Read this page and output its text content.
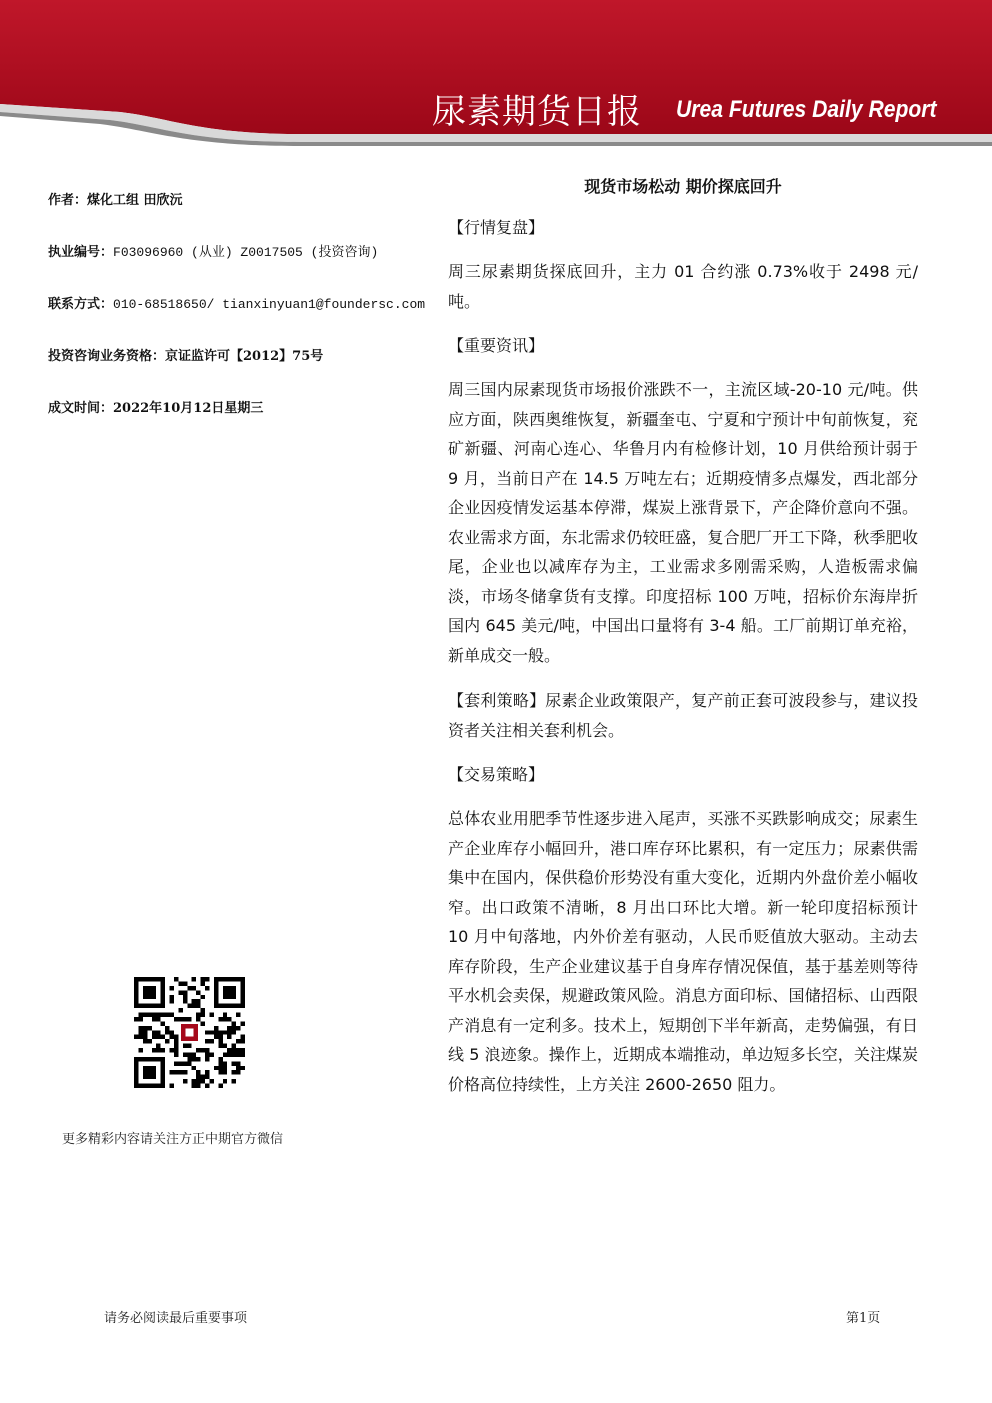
尿素期货日报 Urea Futures Daily Report
作者：煤化工组 田欣沅
执业编号：F03096960 (从业) Z0017505 (投资咨询)
联系方式：010-68518650/ tianxinyuan1@foundersc.com
投资咨询业务资格：京证监许可【2012】75号
成文时间：2022年10月12日星期三
更多精彩内容请关注方正中期官方微信
现货市场松动 期价探底回升
【行情复盘】

周三尿素期货探底回升，主力 01 合约涨 0.73%收于 2498 元/吨。

【重要资讯】

周三国内尿素现货市场报价涨跌不一，主流区域-20-10 元/吨。供应方面，陕西奥维恢复，新疆奎屯、宁夏和宁预计中旬前恢复，兖矿新疆、河南心连心、华鲁月内有检修计划，10 月供给预计弱于 9 月，当前日产在 14.5 万吨左右；近期疫情多点爆发，西北部分企业因疫情发运基本停滞，煤炭上涨背景下，产企降价意向不强。农业需求方面，东北需求仍较旺盛，复合肥厂开工下降，秋季肥收尾，企业也以减库存为主，工业需求多刚需采购，人造板需求偏淡，市场冬储拿货有支撑。印度招标 100 万吨，招标价东海岸折国内 645 美元/吨，中国出口量将有 3-4 船。工厂前期订单充裕，新单成交一般。

【套利策略】尿素企业政策限产，复产前正套可波段参与，建议投资者关注相关套利机会。

【交易策略】

总体农业用肥季节性逐步进入尾声，买涨不买跌影响成交；尿素生产企业库存小幅回升，港口库存环比累积，有一定压力；尿素供需集中在国内，保供稳价形势没有重大变化，近期内外盘价差小幅收窄。出口政策不清晰，8 月出口环比大增。新一轮印度招标预计 10 月中旬落地，内外价差有驱动，人民币贬值放大驱动。主动去库存阶段，生产企业建议基于自身库存情况保值，基于基差则等待平水机会卖保，规避政策风险。消息方面印标、国储招标、山西限产消息有一定利多。技术上，短期创下半年新高，走势偏强，有日线 5 浪迹象。操作上，近期成本端推动，单边短多长空，关注煤炭价格高位持续性，上方关注 2600-2650 阻力。

请务必阅读最后重要事项	第1页
